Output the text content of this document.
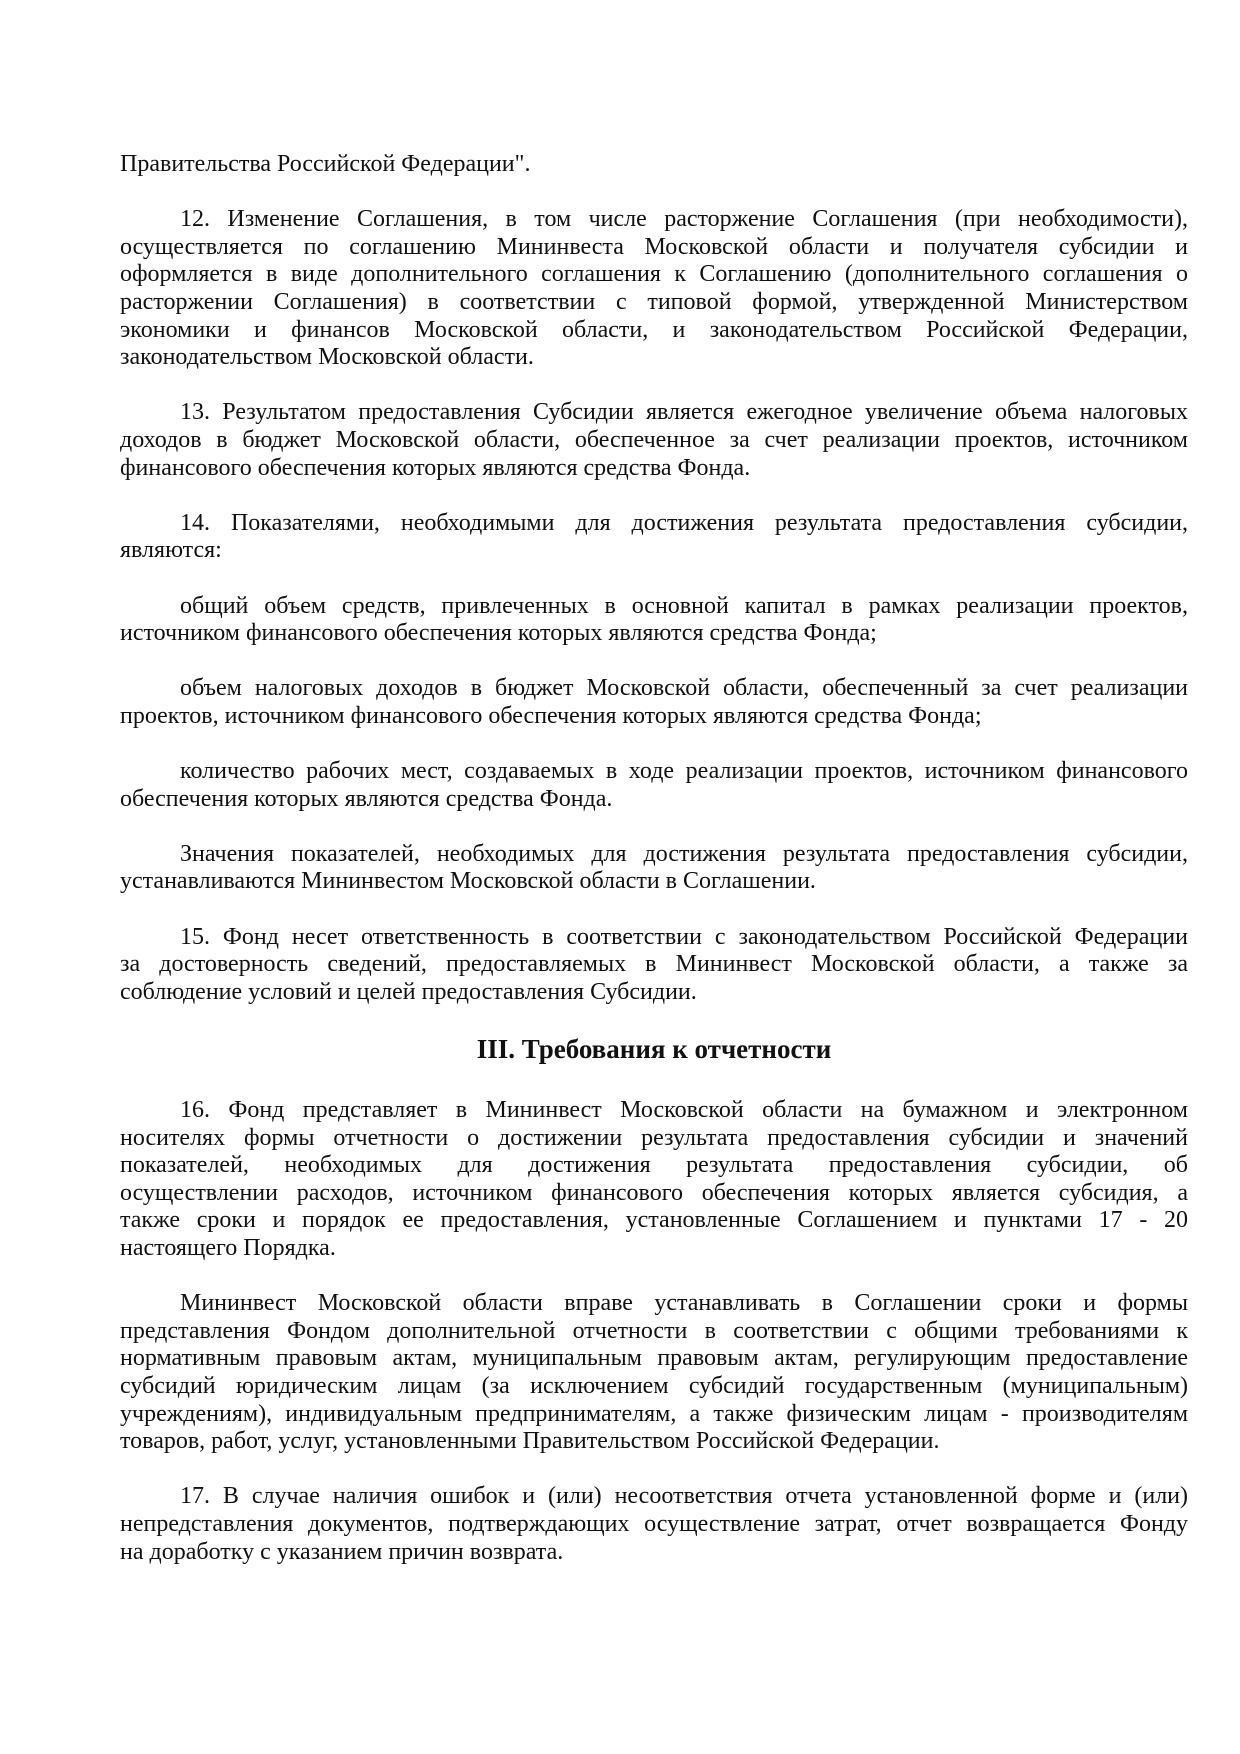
Правительства Российской Федерации".
12. Изменение Соглашения, в том числе расторжение Соглашения (при необходимости),
осуществляется по соглашению Мининвеста Московской области и получателя субсидии и
оформляется в виде дополнительного соглашения к Соглашению (дополнительного соглашения о
расторжении Соглашения) в соответствии с типовой формой, утвержденной Министерством
экономики и финансов Московской области, и законодательством Российской Федерации,
законодательством Московской области.
13. Результатом предоставления Субсидии является ежегодное увеличение объема налоговых
доходов в бюджет Московской области, обеспеченное за счет реализации проектов, источником
финансового обеспечения которых являются средства Фонда.
14. Показателями, необходимыми для достижения результата предоставления субсидии,
являются:
общий объем средств, привлеченных в основной капитал в рамках реализации проектов,
источником финансового обеспечения которых являются средства Фонда;
объем налоговых доходов в бюджет Московской области, обеспеченный за счет реализации
проектов, источником финансового обеспечения которых являются средства Фонда;
количество рабочих мест, создаваемых в ходе реализации проектов, источником финансового
обеспечения которых являются средства Фонда.
Значения показателей, необходимых для достижения результата предоставления субсидии,
устанавливаются Мининвестом Московской области в Соглашении.
15. Фонд несет ответственность в соответствии с законодательством Российской Федерации
за достоверность сведений, предоставляемых в Мининвест Московской области, а также за
соблюдение условий и целей предоставления Субсидии.
III. Требования к отчетности
16. Фонд представляет в Мининвест Московской области на бумажном и электронном
носителях формы отчетности о достижении результата предоставления субсидии и значений
показателей, необходимых для достижения результата предоставления субсидии, об
осуществлении расходов, источником финансового обеспечения которых является субсидия, а
также сроки и порядок ее предоставления, установленные Соглашением и пунктами 17 - 20
настоящего Порядка.
Мининвест Московской области вправе устанавливать в Соглашении сроки и формы
представления Фондом дополнительной отчетности в соответствии с общими требованиями к
нормативным правовым актам, муниципальным правовым актам, регулирующим предоставление
субсидий юридическим лицам (за исключением субсидий государственным (муниципальным)
учреждениям), индивидуальным предпринимателям, а также физическим лицам - производителям
товаров, работ, услуг, установленными Правительством Российской Федерации.
17. В случае наличия ошибок и (или) несоответствия отчета установленной форме и (или)
непредставления документов, подтверждающих осуществление затрат, отчет возвращается Фонду
на доработку с указанием причин возврата.
